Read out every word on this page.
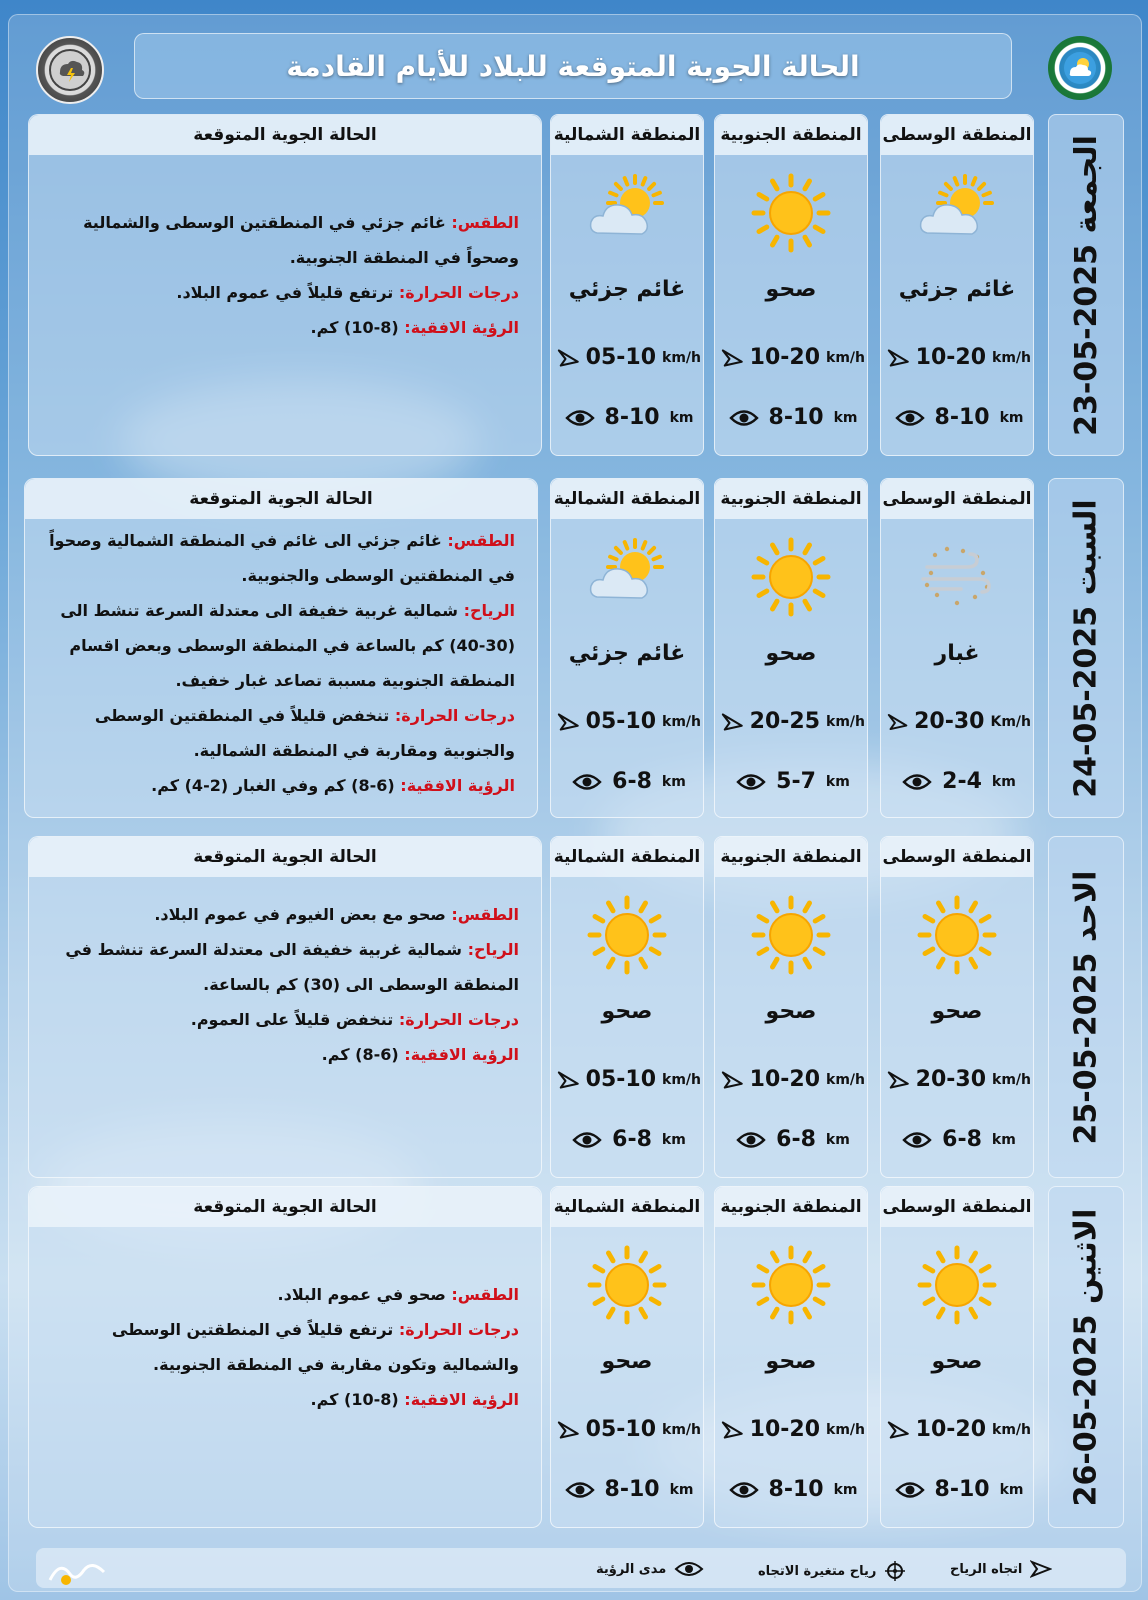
الحالة الجوية المتوقعة للبلاد للأيام القادمة
الجمعة 2025-05-23
المنطقة الوسطى
غائم جزئي
10-20 km/h
8-10 km
المنطقة الجنوبية
صحو
10-20 km/h
8-10 km
المنطقة الشمالية
غائم جزئي
05-10 km/h
8-10 km
الحالة الجوية المتوقعة
الطقس: غائم جزئي في المنطقتين الوسطى والشمالية وصحواً في المنطقة الجنوبية.
درجات الحرارة: ترتفع قليلاً في عموم البلاد.
الرؤية الافقية: (8-10) كم.
السبت 2025-05-24
المنطقة الوسطى
غبار
20-30 Km/h
2-4 km
المنطقة الجنوبية
صحو
20-25 km/h
5-7 km
المنطقة الشمالية
غائم جزئي
05-10 km/h
6-8 km
الحالة الجوية المتوقعة
الطقس: غائم جزئي الى غائم في المنطقة الشمالية وصحواً في المنطقتين الوسطى والجنوبية.
الرياح: شمالية غربية خفيفة الى معتدلة السرعة تنشط الى (30-40) كم بالساعة في المنطقة الوسطى وبعض اقسام المنطقة الجنوبية مسببة تصاعد غبار خفيف.
درجات الحرارة: تنخفض قليلاً في المنطقتين الوسطى والجنوبية ومقاربة في المنطقة الشمالية.
الرؤية الافقية: (6-8) كم وفي الغبار (2-4) كم.
الاحد 2025-05-25
المنطقة الوسطى
صحو
20-30 km/h
6-8 km
المنطقة الجنوبية
صحو
10-20 km/h
6-8 km
المنطقة الشمالية
صحو
05-10 km/h
6-8 km
الحالة الجوية المتوقعة
الطقس: صحو مع بعض الغيوم في عموم البلاد.
الرياح: شمالية غربية خفيفة الى معتدلة السرعة تنشط في المنطقة الوسطى الى (30) كم بالساعة.
درجات الحرارة: تنخفض قليلاً على العموم.
الرؤية الافقية: (6-8) كم.
الاثنين 2025-05-26
المنطقة الوسطى
صحو
10-20 km/h
8-10 km
المنطقة الجنوبية
صحو
10-20 km/h
8-10 km
المنطقة الشمالية
صحو
05-10 km/h
8-10 km
الحالة الجوية المتوقعة
الطقس: صحو في عموم البلاد.
درجات الحرارة: ترتفع قليلاً في المنطقتين الوسطى والشمالية وتكون مقاربة في المنطقة الجنوبية.
الرؤية الافقية: (8-10) كم.
اتجاه الرياح
رياح متغيرة الاتجاه
مدى الرؤية
